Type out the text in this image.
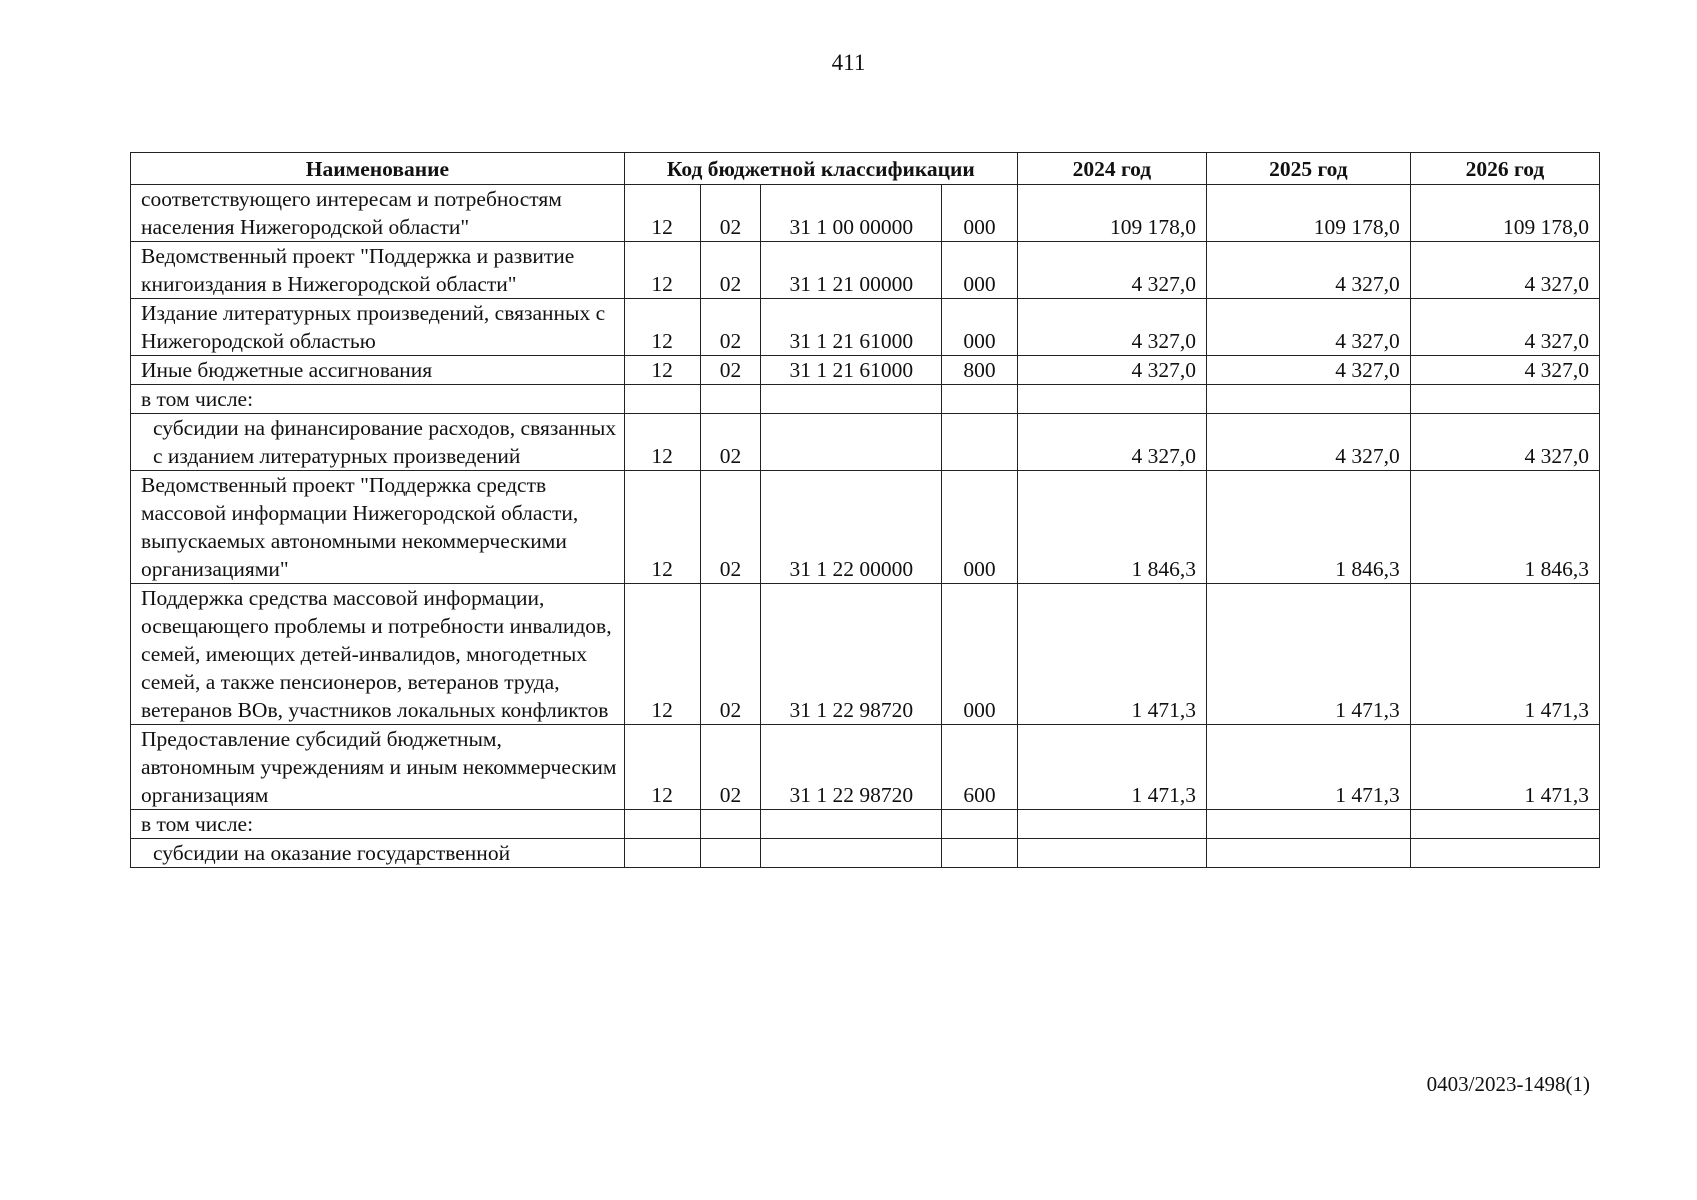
411
Наименование	Код бюджетной классификации				2024 год	2025 год	2026 год
соответствующего интересам и потребностям населения Нижегородской области"	12	02	31 1 00 00000	000	109 178,0	109 178,0	109 178,0
Ведомственный проект "Поддержка и развитие книгоиздания в Нижегородской области"	12	02	31 1 21 00000	000	4 327,0	4 327,0	4 327,0
Издание литературных произведений, связанных с Нижегородской областью	12	02	31 1 21 61000	000	4 327,0	4 327,0	4 327,0
Иные бюджетные ассигнования	12	02	31 1 21 61000	800	4 327,0	4 327,0	4 327,0
в том числе:							
субсидии на финансирование расходов, связанных с изданием литературных произведений	12	02			4 327,0	4 327,0	4 327,0
Ведомственный проект "Поддержка средств массовой информации Нижегородской области, выпускаемых автономными некоммерческими организациями"	12	02	31 1 22 00000	000	1 846,3	1 846,3	1 846,3
Поддержка средства массовой информации, освещающего проблемы и потребности инвалидов, семей, имеющих детей-инвалидов, многодетных семей, а также пенсионеров, ветеранов труда, ветеранов ВОв, участников локальных конфликтов	12	02	31 1 22 98720	000	1 471,3	1 471,3	1 471,3
Предоставление субсидий бюджетным, автономным учреждениям и иным некоммерческим организациям	12	02	31 1 22 98720	600	1 471,3	1 471,3	1 471,3
в том числе:							
субсидии на оказание государственной							
0403/2023-1498(1)
